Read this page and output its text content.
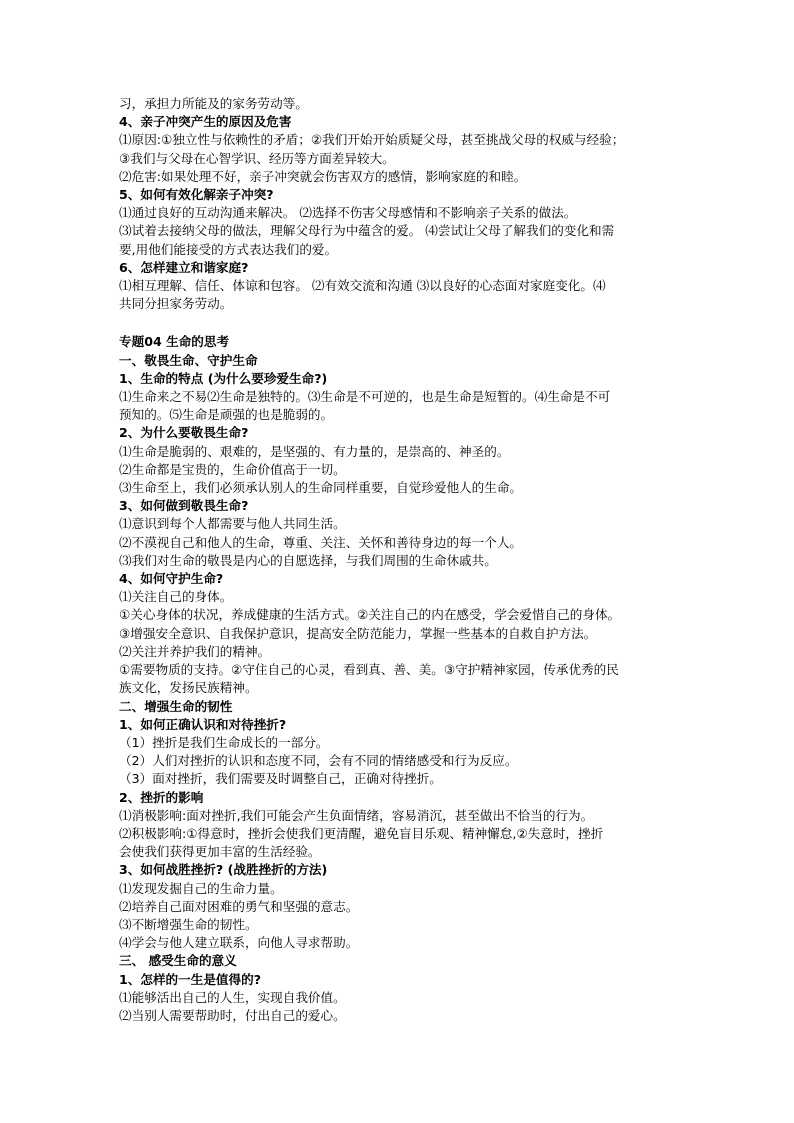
习，承担力所能及的家务劳动等。
4、亲子冲突产生的原因及危害
⑴原因:①独立性与依赖性的矛盾；②我们开始开始质疑父母，甚至挑战父母的权威与经验；
③我们与父母在心智学识、经历等方面差异较大。
⑵危害:如果处理不好，亲子冲突就会伤害双方的感情，影响家庭的和睦。
5、如何有效化解亲子冲突?
⑴通过良好的互动沟通来解决。 ⑵选择不伤害父母感情和不影响亲子关系的做法。
⑶试着去接纳父母的做法，理解父母行为中蕴含的爱。 ⑷尝试让父母了解我们的变化和需
要,用他们能接受的方式表达我们的爱。
6、怎样建立和谐家庭?
⑴相互理解、信任、体谅和包容。 ⑵有效交流和沟通 ⑶以良好的心态面对家庭变化。⑷
共同分担家务劳动。
专题04 生命的思考
一、敬畏生命、守护生命
1、生命的特点 (为什么要珍爱生命?)
⑴生命来之不易⑵生命是独特的。⑶生命是不可逆的，也是生命是短暂的。⑷生命是不可
预知的。⑸生命是顽强的也是脆弱的。
2、为什么要敬畏生命?
⑴生命是脆弱的、艰难的，是坚强的、有力量的，是崇高的、神圣的。
⑵生命都是宝贵的，生命价值高于一切。
⑶生命至上，我们必须承认别人的生命同样重要，自觉珍爱他人的生命。
3、如何做到敬畏生命?
⑴意识到每个人都需要与他人共同生活。
⑵不漠视自己和他人的生命，尊重、关注、关怀和善待身边的每一个人。
⑶我们对生命的敬畏是内心的自愿选择，与我们周围的生命休戚共。
4、如何守护生命?
⑴关注自己的身体。
①关心身体的状况，养成健康的生活方式。②关注自己的内在感受，学会爱惜自己的身体。
③增强安全意识、自我保护意识，提高安全防范能力，掌握一些基本的自救自护方法。
⑵关注并养护我们的精神。
①需要物质的支持。②守住自己的心灵，看到真、善、美。③守护精神家园，传承优秀的民
族文化，发扬民族精神。
二、增强生命的韧性
1、如何正确认识和对待挫折?
（1）挫折是我们生命成长的一部分。
（2）人们对挫折的认识和态度不同，会有不同的情绪感受和行为反应。
（3）面对挫折，我们需要及时调整自己，正确对待挫折。
2、挫折的影响
⑴消极影响:面对挫折,我们可能会产生负面情绪，容易消沉，甚至做出不恰当的行为。
⑵积极影响:①得意时，挫折会使我们更清醒，避免盲目乐观、精神懈怠,②失意时，挫折
会使我们获得更加丰富的生活经验。
3、如何战胜挫折? (战胜挫折的方法)
⑴发现发掘自己的生命力量。
⑵培养自己面对困难的勇气和坚强的意志。
⑶不断增强生命的韧性。
⑷学会与他人建立联系，向他人寻求帮助。
三、 感受生命的意义
1、怎样的一生是值得的?
⑴能够活出自己的人生，实现自我价值。
⑵当别人需要帮助时，付出自己的爱心。
